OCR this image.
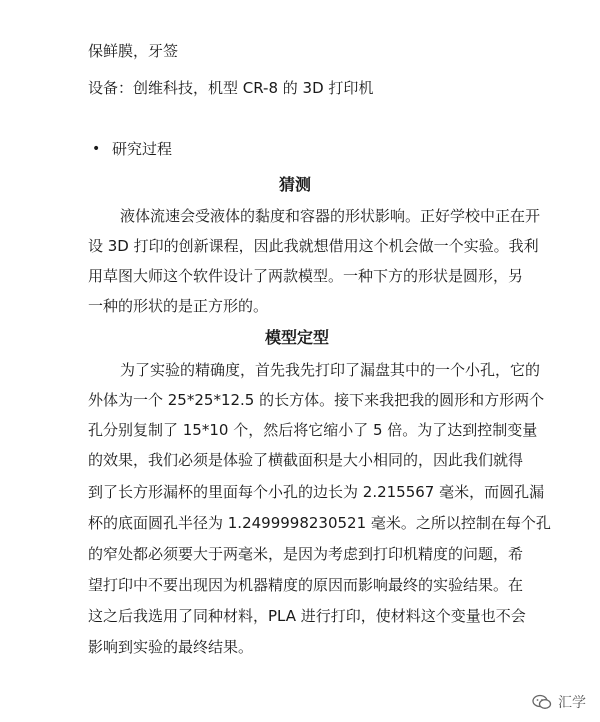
保鲜膜，牙签
设备：创维科技，机型 CR-8 的 3D 打印机
• 研究过程
猜测
液体流速会受液体的黏度和容器的形状影响。正好学校中正在开
设 3D 打印的创新课程，因此我就想借用这个机会做一个实验。我利
用草图大师这个软件设计了两款模型。一种下方的形状是圆形，另
一种的形状的是正方形的。
模型定型
为了实验的精确度，首先我先打印了漏盘其中的一个小孔，它的
外体为一个 25*25*12.5 的长方体。接下来我把我的圆形和方形两个
孔分别复制了 15*10 个，然后将它缩小了 5 倍。为了达到控制变量
的效果，我们必须是体验了横截面积是大小相同的，因此我们就得
到了长方形漏杯的里面每个小孔的边长为 2.215567 毫米，而圆孔漏
杯的底面圆孔半径为 1.2499998230521 毫米。之所以控制在每个孔
的窄处都必须要大于两毫米，是因为考虑到打印机精度的问题，希
望打印中不要出现因为机器精度的原因而影响最终的实验结果。在
这之后我选用了同种材料，PLA 进行打印，使材料这个变量也不会
影响到实验的最终结果。
汇学
